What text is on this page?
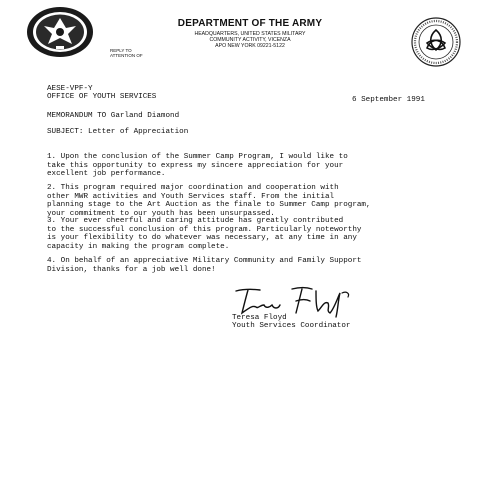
DEPARTMENT OF THE ARMY
HEADQUARTERS, UNITED STATES MILITARY
COMMUNITY ACTIVITY, VICENZA
APO NEW YORK 09221-5122
REPLY TO
ATTENTION OF
AESE-VPF-Y
OFFICE OF YOUTH SERVICES	6 September 1991
MEMORANDUM TO Garland Diamond
SUBJECT: Letter of Appreciation
1. Upon the conclusion of the Summer Camp Program, I would like to
take this opportunity to express my sincere appreciation for your
excellent job performance.
2. This program required major coordination and cooperation with
other MWR activities and Youth Services staff. From the initial
planning stage to the Art Auction as the finale to Summer Camp program,
your commitment to our youth has been unsurpassed.
3. Your ever cheerful and caring attitude has greatly contributed
to the successful conclusion of this program. Particularly noteworthy
is your flexibility to do whatever was necessary, at any time in any
capacity in making the program complete.
4. On behalf of an appreciative Military Community and Family Support
Division, thanks for a job well done!
Teresa Floyd
Youth Services Coordinator
